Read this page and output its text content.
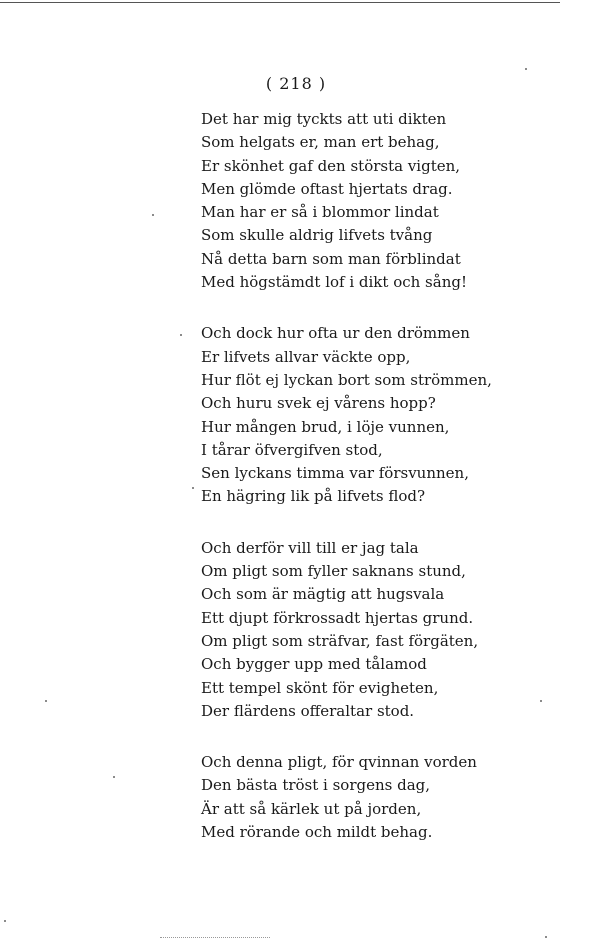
( 218 )
Det har mig tyckts att uti dikten
Som helgats er, man ert behag,
Er skönhet gaf den största vigten,
Men glömde oftast hjertats drag.
Man har er så i blommor lindat
Som skulle aldrig lifvets tvång
Nå detta barn som man förblindat
Med högstämdt lof i dikt och sång!
Och dock hur ofta ur den drömmen
Er lifvets allvar väckte opp,
Hur flöt ej lyckan bort som strömmen,
Och huru svek ej vårens hopp?
Hur mången brud, i löje vunnen,
I tårar öfvergifven stod,
Sen lyckans timma var försvunnen,
En hägring lik på lifvets flod?
Och derför vill till er jag tala
Om pligt som fyller saknans stund,
Och som är mägtig att hugsvala
Ett djupt förkrossadt hjertas grund.
Om pligt som sträfvar, fast förgäten,
Och bygger upp med tålamod
Ett tempel skönt för evigheten,
Der flärdens offeraltar stod.
Och denna pligt, för qvinnan vorden
Den bästa tröst i sorgens dag,
Är att så kärlek ut på jorden,
Med rörande och mildt behag.
